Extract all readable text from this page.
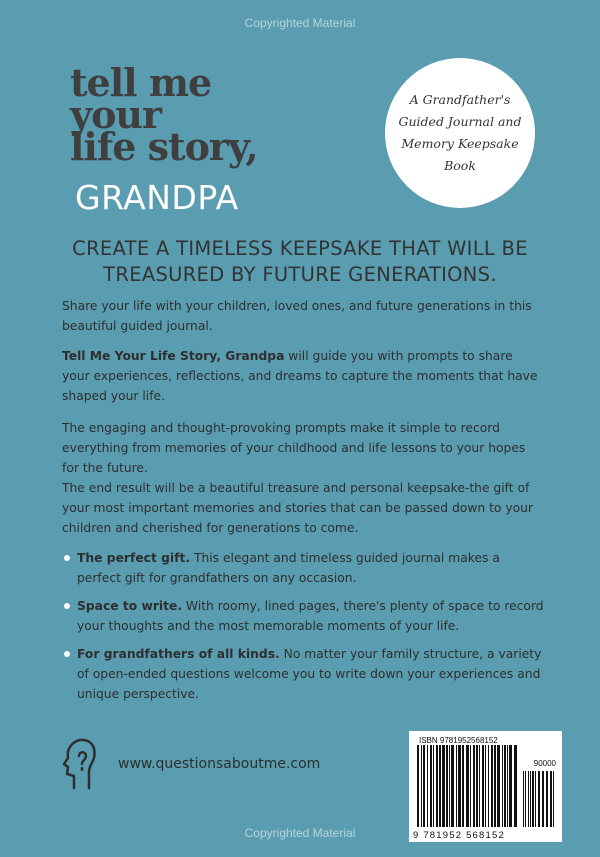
Copyrighted Material
tell me
your
life story,
GRANDPA
A Grandfather's Guided Journal and Memory Keepsake Book
CREATE A TIMELESS KEEPSAKE THAT WILL BE TREASURED BY FUTURE GENERATIONS.
Share your life with your children, loved ones, and future generations in this beautiful guided journal.
Tell Me Your Life Story, Grandpa will guide you with prompts to share your experiences, reflections, and dreams to capture the moments that have shaped your life.
The engaging and thought-provoking prompts make it simple to record everything from memories of your childhood and life lessons to your hopes for the future.
The end result will be a beautiful treasure and personal keepsake-the gift of your most important memories and stories that can be passed down to your children and cherished for generations to come.
The perfect gift. This elegant and timeless guided journal makes a perfect gift for grandfathers on any occasion.
Space to write. With roomy, lined pages, there's plenty of space to record your thoughts and the most memorable moments of your life.
For grandfathers of all kinds. No matter your family structure, a variety of open-ended questions welcome you to write down your experiences and unique perspective.
www.questionsaboutme.com
ISBN 9781952568152
90000
9 781952 568152
Copyrighted Material
